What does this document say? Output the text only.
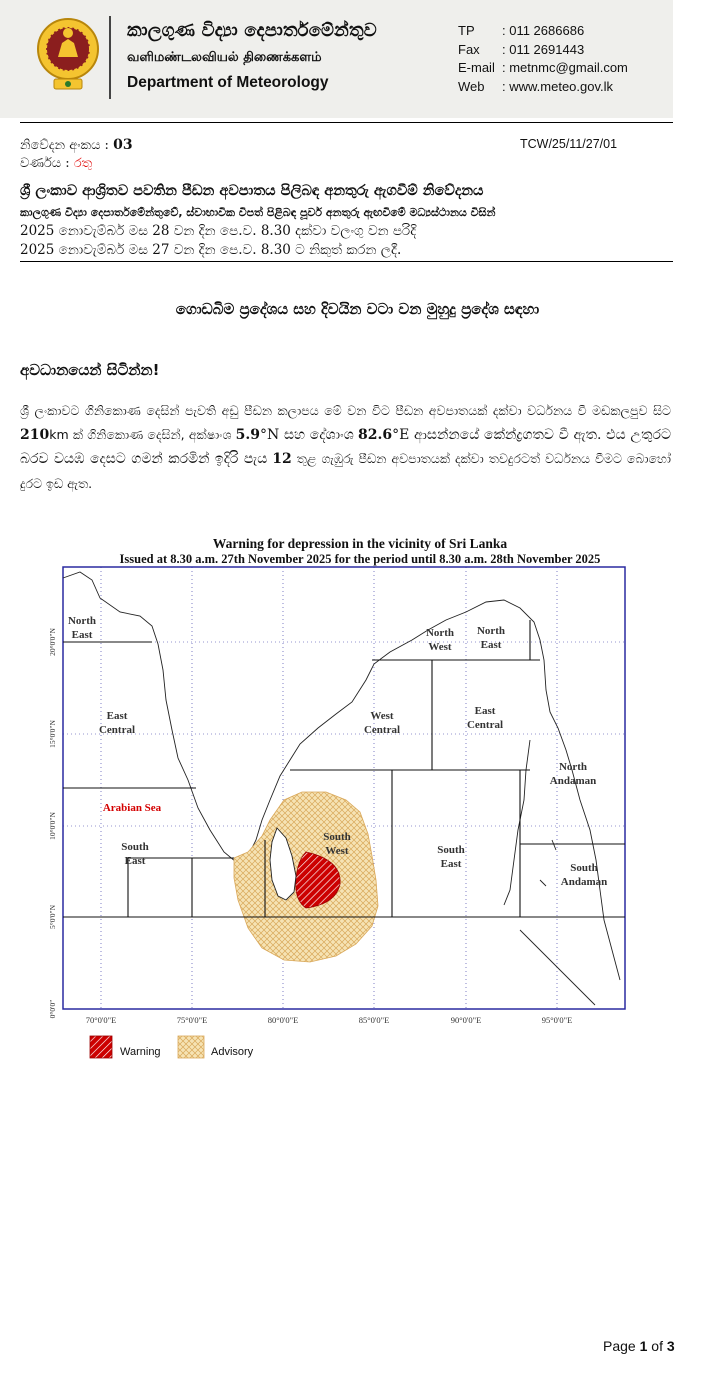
කාලගුණ විද්‍යා දෙපාර්තමේන්තුව
வளிமண்டலவியல் திணைக்களம்
Department of Meteorology
TP : 011 2686686
Fax : 011 2691443
E-mail : metnmc@gmail.com
Web : www.meteo.gov.lk
නිවේදන අංකය : 03
වර්ණය : රතු
TCW/25/11/27/01
ශ්‍රී ලංකාව ආශ්‍රිතව පවතින පීඩන අවපාතය පිලිබඳ අනතුරු ඇගවීම් නිවේදනය
කාලගුණ විද්‍යා දෙපාර්තමේන්තුවේ, ස්වාභාවික විපත් පිළිබඳ පූර්ව අනතුරු ඇඟවීමේ මධ්‍යස්ථානය විසින්
2025 නොවැම්බර් මස 28 වන දින පෙ.ව. 8.30 දක්වා වලංගු වන පරිදි
2025 නොවැම්බර් මස 27 වන දින පෙ.ව. 8.30 ට නිකුත් කරන ලදී.
ගොඩබිම ප්‍රදේශය සහ දිවයින වටා වන මුහුදු ප්‍රදේශ සඳහා
අවධානයෙන් සිටින්න!
ශ්‍රී ලංකාවට ගිනිකොණ දෙසින් පැවති අඩු පීඩන කලාපය මේ වන විට පීඩන අවපාතයක් දක්වා වර්ධනය වී මඩකලපුව සිට 210km ක් ගිනිකොණ දෙසින්, අක්ෂාංශ 5.9°N සහ දේශාංශ 82.6°E ආසන්නයේ කේන්ද්‍රගතව වී ඇත. එය උතුරට බරව වයඹ දෙසට ගමන් කරමින් ඉදිරි පැය 12 තුළ ගැඹුරු පීඩන අවපාතයක් දක්වා තවදුරටත් වර්ධනය වීමට බොහෝ දුරට ඉඩ ඇත.
Warning for depression in the vicinity of Sri Lanka
Issued at 8.30 a.m. 27th November 2025 for the period until 8.30 a.m. 28th November 2025
North
East
East
Central
South
East
North
West
North
East
West
Central
East
Central
South
West	South
East
North
Andaman
South
Andaman
Arabian Sea
70°0'0"E	75°0'0"E	80°0'0"E	85°0'0"E	90°0'0"E	95°0'0"E
20°0'0"N
15°0'0"N
10°0'0"N
5°0'0"N
0°0'0"
Warning	Advisory
Page 1 of 3
